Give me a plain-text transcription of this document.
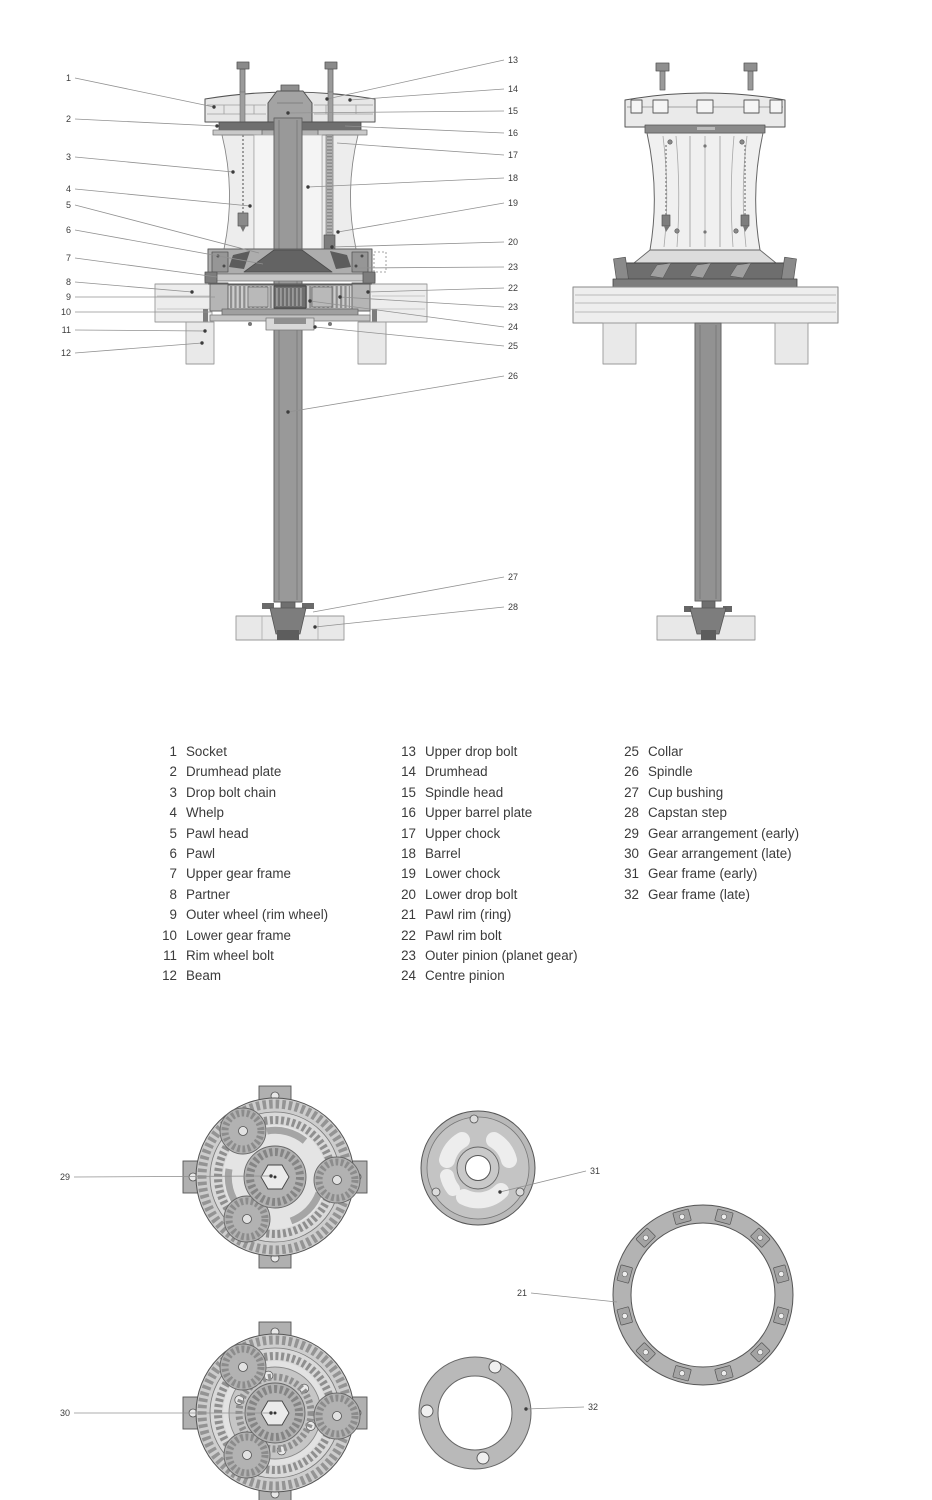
1
2
3
4
5
6
7
8
9
10
11
12
13
14
15
16
17
18
19
20
23
22
23
24
25
26
27
28
29
31
21
30
32
1 Socket
2 Drumhead plate
3 Drop bolt chain
4 Whelp
5 Pawl head
6 Pawl
7 Upper gear frame
8 Partner
9 Outer wheel (rim wheel)
10 Lower gear frame
11 Rim wheel bolt
12 Beam
13 Upper drop bolt
14 Drumhead
15 Spindle head
16 Upper barrel plate
17 Upper chock
18 Barrel
19 Lower chock
20 Lower drop bolt
21 Pawl rim (ring)
22 Pawl rim bolt
23 Outer pinion (planet gear)
24 Centre pinion
25 Collar
26 Spindle
27 Cup bushing
28 Capstan step
29 Gear arrangement (early)
30 Gear arrangement (late)
31 Gear frame (early)
32 Gear frame (late)
